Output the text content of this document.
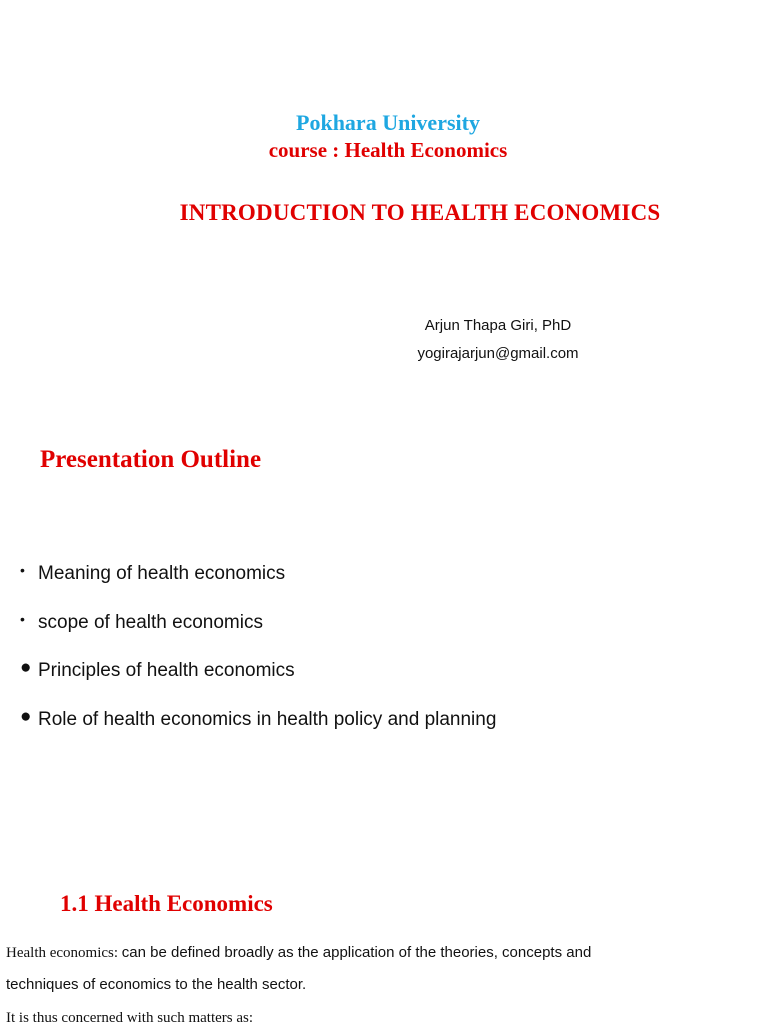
Pokhara University
course : Health Economics
INTRODUCTION TO HEALTH ECONOMICS
Arjun Thapa Giri, PhD
yogirajarjun@gmail.com
Presentation Outline
• Meaning of health economics
• scope of health economics
● Principles of health economics
● Role of health economics in health policy and planning
1.1 Health Economics

Health economics: can be defined broadly as the application of the theories, concepts and

techniques of economics to the health sector.

It is thus concerned with such matters as:
